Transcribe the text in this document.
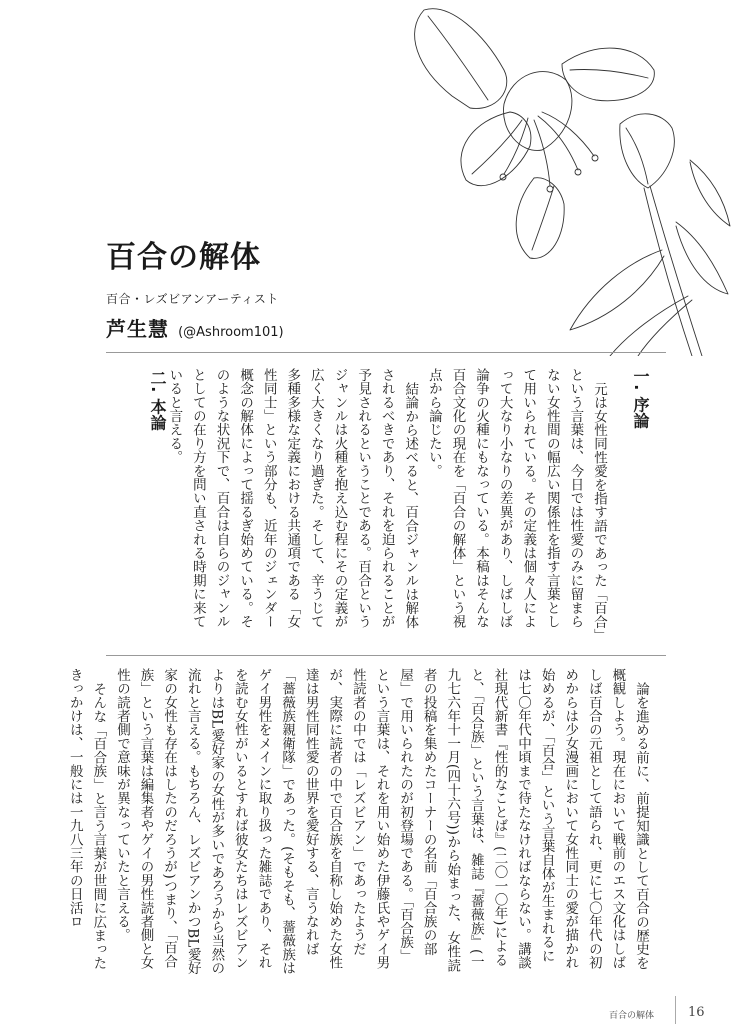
百合の解体
百合・レズビアンアーティスト
芦生慧 (@Ashroom101)
一. 序論

元は女性同性愛を指す語であった「百合」という言葉は、今日では性愛のみに留まらない女性間の幅広い関係性を指す言葉として用いられている。その定義は個々人によって大なり小なりの差異があり、しばしば論争の火種にもなっている。本稿はそんな百合文化の現在を「百合の解体」という視点から論じたい。

結論から述べると、百合ジャンルは解体されるべきであり、それを迫られることが予見されるということである。百合というジャンルは火種を抱え込む程にその定義が広く大きくなり過ぎた。そして、辛うじて多種多様な定義における共通項である「女性同士」という部分も、近年のジェンダー概念の解体によって揺るぎ始めている。そのような状況下で、百合は自らのジャンルとしての在り方を問い直される時期に来ていると言える。

二. 本論

論を進める前に、前提知識として百合の歴史を概観しよう。現在において戦前のエス文化はしばしば百合の元祖として語られ、更に七〇年代の初めからは少女漫画において女性同士の愛が描かれ始めるが、「百合」という言葉自体が生まれるには七〇年代中頃まで待たなければならない。講談社現代新書『性的なことば』(二〇一〇年)によると、「百合族」という言葉は、雑誌『薔薇族』(一九七六年十一月(四十六号))から始まった、女性読者の投稿を集めたコーナーの名前「百合族の部屋」で用いられたのが初登場である。「百合族」という言葉は、それを用い始めた伊藤氏やゲイ男性読者の中では「レズビアン」であったようだが、実際に読者の中で百合族を自称し始めた女性達は男性同性愛の世界を愛好する、言うなれば「薔薇族親衛隊」であった。(そもそも、薔薇族はゲイ男性をメインに取り扱った雑誌であり、それを読む女性がいるとすれば彼女たちはレズビアンよりはBL愛好家の女性が多いであろうから当然の流れと言える。もちろん、レズビアンかつBL愛好家の女性も存在はしたのだろうが)つまり、「百合族」という言葉は編集者やゲイの男性読者側と女性の読者側で意味が異なっていたと言える。

そんな「百合族」と言う言葉が世間に広まったきっかけは、一般には一九八三年の日活ロ

百合の解体	16
